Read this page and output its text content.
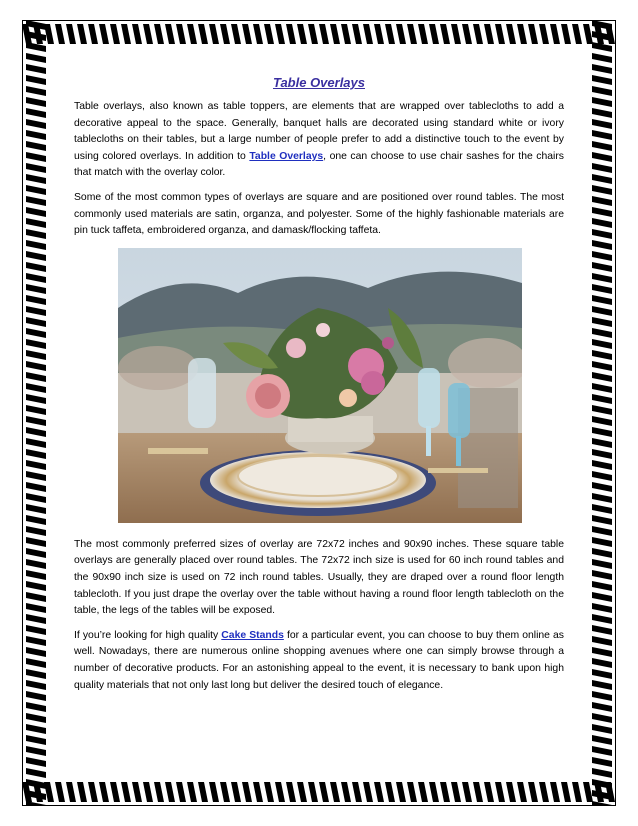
Table Overlays

Table overlays, also known as table toppers, are elements that are wrapped over tablecloths to add a decorative appeal to the space. Generally, banquet halls are decorated using standard white or ivory tablecloths on their tables, but a large number of people prefer to add a distinctive touch to the event by using colored overlays. In addition to Table Overlays, one can choose to use chair sashes for the chairs that match with the overlay color.

Some of the most common types of overlays are square and are positioned over round tables. The most commonly used materials are satin, organza, and polyester. Some of the highly fashionable materials are pin tuck taffeta, embroidered organza, and damask/flocking taffeta.

The most commonly preferred sizes of overlay are 72x72 inches and 90x90 inches. These square table overlays are generally placed over round tables. The 72x72 inch size is used for 60 inch round tables and the 90x90 inch size is used on 72 inch round tables. Usually, they are draped over a round floor length tablecloth. If you just drape the overlay over the table without having a round floor length tablecloth on the table, the legs of the tables will be exposed.

If you’re looking for high quality Cake Stands for a particular event, you can choose to buy them online as well. Nowadays, there are numerous online shopping avenues where one can simply browse through a number of decorative products. For an astonishing appeal to the event, it is necessary to bank upon high quality materials that not only last long but deliver the desired touch of elegance.
